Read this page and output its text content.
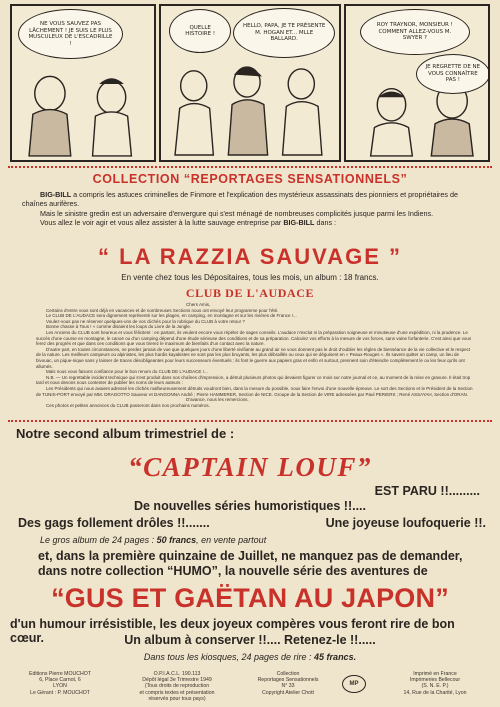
NE VOUS SAUVEZ PAS LÂCHEMENT ! JE SUIS LE PLUS MUSCULEUX DE L'ESCADRILLE !
QUELLE HISTOIRE !
HELLO, PAPA, JE TE PRÉSENTE M. HOGAN ET... MLLE BALLARD.
ROY TRAYNOR, MONSIEUR ! COMMENT ALLEZ-VOUS M. SWYER ?
JE REGRETTE DE NE VOUS CONNAÎTRE PAS !
COLLECTION “REPORTAGES SENSATIONNELS”
BIG-BILL a compris les astuces criminelles de Finmore et l'explication des mystérieux assassinats des pionniers et propriétaires de chaînes aurifères.
Mais le sinistre gredin est un adversaire d'envergure qui s'est ménagé de nombreuses complicités jusque parmi les Indiens.
Vous allez le voir agir et vous allez assister à la lutte sauvage entreprise par BIG-BILL dans :
“ LA RAZZIA SAUVAGE ”
En vente chez tous les Dépositaires, tous les mois, un album : 18 francs.
CLUB DE L'AUDACE

Chers Amis,

Certains d'entre vous sont déjà en vacances et de nombreuses Sections nous ont envoyé leur programme pour l'été.

Le CLUB DE L'AUDACE sera dignement représenté sur les plages, en camping, en montagne et sur les rivières de France !...

Voulez-vous pas ne réserver quelques-uns de vos clichés pour la rubrique du CLUB à votre retour ?

Bonne chasse à Tous ! » comme disaient les loups du Livre de la Jungle.

Les Anciens du CLUB sont heureux et vous félicitent : en partant, ils veulent encore vous répéter de sages conseils. L'audace n'exclut ni la préparation soigneuse et minutieuse d'une expédition, ni la prudence. Le succès d'une course en montagne, le canoë ou d'un camping dépend d'une étude sérieuse des conditions et de sa préparation. Calculez vos efforts à la mesure de vos forces, sans vaine forfanterie. C'est ainsi que vous ferez des progrès et que dans ces conditions que vous tirerez le maximum de bienfaits d'un contact avec la nature.

D'autre part, en toutes circonstances, ne perdez jamais de vue que quelques jours d'une liberté vivifiante au grand air ne vous donnent pas le droit d'oublier les règles de bienséance de la vie collective et le respect de la nature. Les meilleurs campeurs ou alpinistes, les plus hardis kayakistes ne sont pas les plus bruyants, les plus débraillés ou ceux qui se déguisent en « Peaux-Rouges ». Ils savent quitter un camp, un lieu de bivouac, un pique-nique sans y laisser de traces désobligeantes pour leurs successeurs éventuels ; ils font le guerre aux papiers gras et enfin et surtout, prennent soin d'éteindre complètement le ou les feux qu'ils ont allumés.

Mais nous vous faisons confiance pour le bon renom du CLUB DE L'AUDACE !...

N.B. — Un regrettable incident technique qui s'est produit dans nos chaînes d'impression, a détruit plusieurs photos qui devaient figurer ce mois sur notre journal et ce, au moment de la mise en gravure. Il était trop tard et nous devons nous contenter de publier les noms de leurs auteurs :

Les Présidents qui nous avaient adressé les clichés malheureusement détruits voudront bien, dans la mesure du possible, nous faire l'envoi d'une nouvelle épreuve. Le sort des Sections et le Président de la Section de TUNIS-PORT envoyé par MM. DRAGOTTO Sauveur et DANGONNA André ; Pierre HAMMERER, Section de NICE. Groupe de la Section de VIRE adressées par Paul PERIERS ; René ASSAYAH, Section d'ORAN.

D'avance, nous les remercions.

Ces photos et petites annonces du CLUB passeront dans nos prochains numéros.

Notre second album trimestriel de :
“CAPTAIN LOUF”
EST PARU !!.........
De nouvelles séries humoristiques !!....
Des gags follement drôles !!.......	Une joyeuse loufoquerie !!.
Le gros album de 24 pages : 50 francs, en vente partout
et, dans la première quinzaine de Juillet, ne manquez pas de demander,
dans notre collection “HUMO”, la nouvelle série des aventures de
“GUS ET GAËTAN AU JAPON”
d'un humour irrésistible, les deux joyeux compères vous feront rire de bon cœur.	Un album à conserver !!.... Retenez-le !!.....
Dans tous les kiosques, 24 pages de rire : 45 francs.
Editions Pierre MOUCHOT
6, Place Carnot, 6
LYON
Le Gérant : P. MOUCHOT
O.P.I.A.C.L. 190.113
Dépôt légal 3e Trimestre 1949
(Tous droits de reproduction
et compris textes et présentation
réservés pour tous pays)
Collection
Reportages Sensationnels
N° 33
Copyright Atelier Chott
MP
Imprimé en France
Imprimeries Bellecour
(S. N. E. P.)
14, Rue de la Charité, Lyon
